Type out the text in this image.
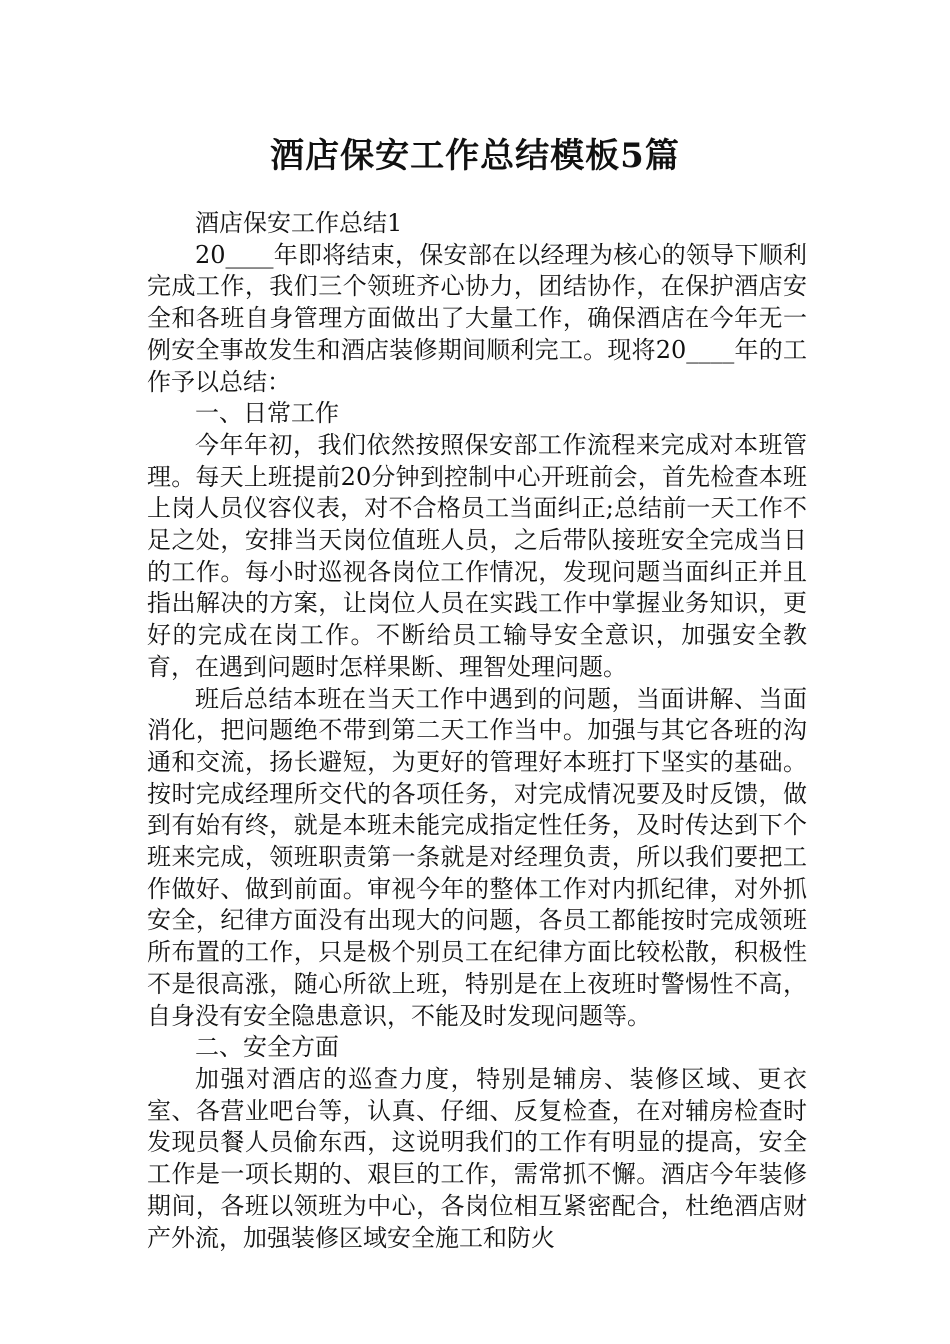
酒店保安工作总结模板5篇

酒店保安工作总结1

20____年即将结束，保安部在以经理为核心的领导下顺利完成工作，我们三个领班齐心协力，团结协作，在保护酒店安全和各班自身管理方面做出了大量工作，确保酒店在今年无一例安全事故发生和酒店装修期间顺利完工。现将20____年的工作予以总结：

一、日常工作

今年年初，我们依然按照保安部工作流程来完成对本班管理。每天上班提前20分钟到控制中心开班前会，首先检查本班上岗人员仪容仪表，对不合格员工当面纠正;总结前一天工作不足之处，安排当天岗位值班人员，之后带队接班安全完成当日的工作。每小时巡视各岗位工作情况，发现问题当面纠正并且指出解决的方案，让岗位人员在实践工作中掌握业务知识，更好的完成在岗工作。不断给员工输导安全意识，加强安全教育，在遇到问题时怎样果断、理智处理问题。

班后总结本班在当天工作中遇到的问题，当面讲解、当面消化，把问题绝不带到第二天工作当中。加强与其它各班的沟通和交流，扬长避短，为更好的管理好本班打下坚实的基础。按时完成经理所交代的各项任务，对完成情况要及时反馈，做到有始有终，就是本班未能完成指定性任务，及时传达到下个班来完成，领班职责第一条就是对经理负责，所以我们要把工作做好、做到前面。审视今年的整体工作对内抓纪律，对外抓安全，纪律方面没有出现大的问题，各员工都能按时完成领班所布置的工作，只是极个别员工在纪律方面比较松散，积极性不是很高涨，随心所欲上班，特别是在上夜班时警惕性不高，自身没有安全隐患意识，不能及时发现问题等。

二、安全方面

加强对酒店的巡查力度，特别是辅房、装修区域、更衣室、各营业吧台等，认真、仔细、反复检查，在对辅房检查时发现员餐人员偷东西，这说明我们的工作有明显的提高，安全工作是一项长期的、艰巨的工作，需常抓不懈。酒店今年装修期间，各班以领班为中心，各岗位相互紧密配合，杜绝酒店财产外流，加强装修区域安全施工和防火
